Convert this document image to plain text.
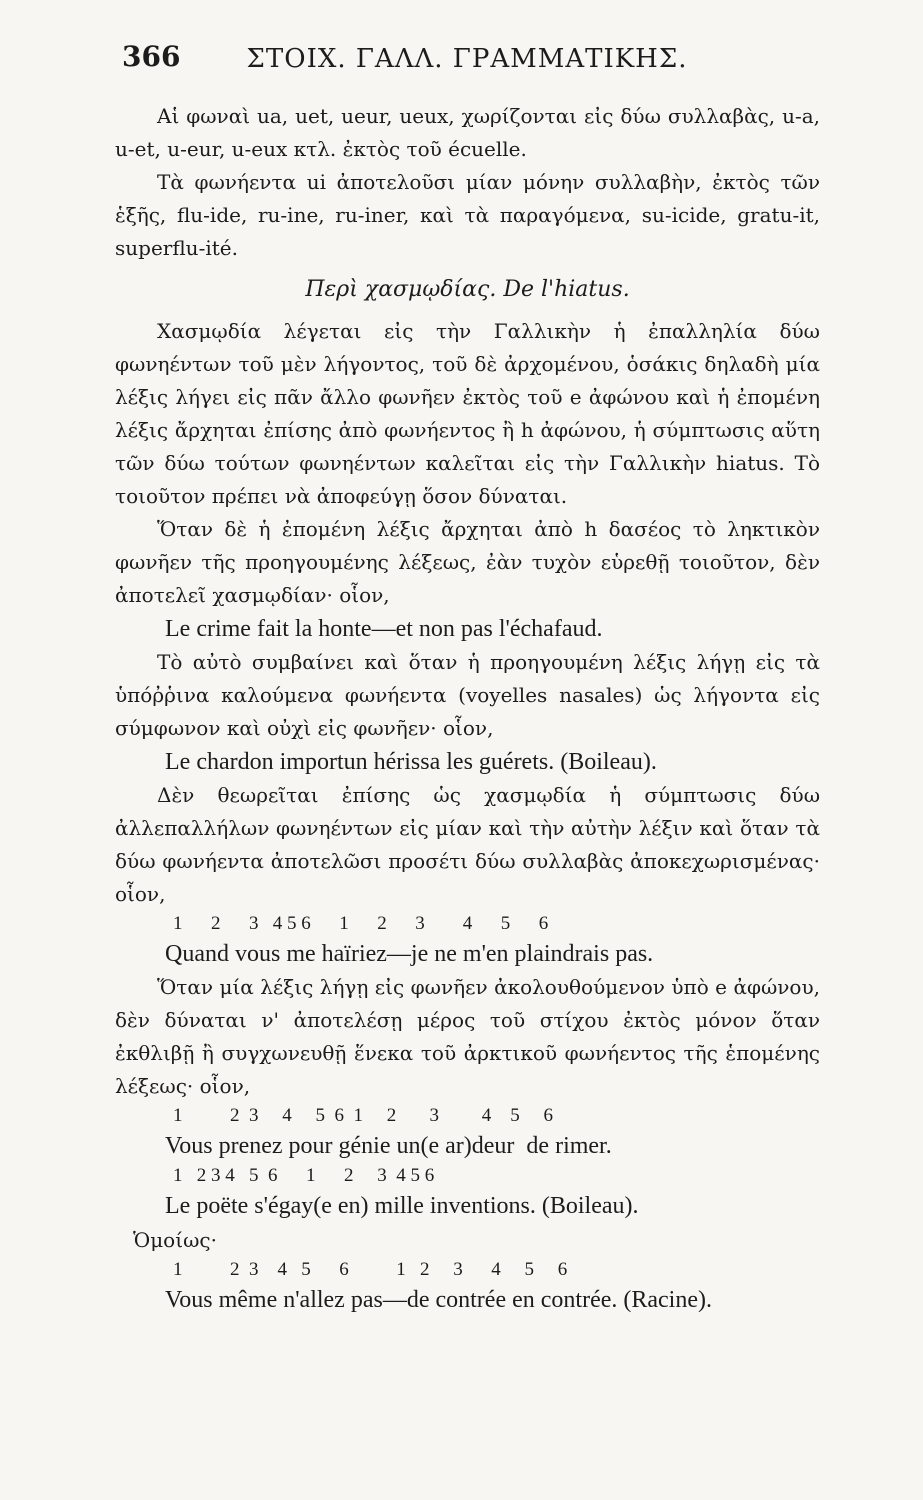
366	ΣΤΟΙΧ. ΓΑΛΛ. ΓΡΑΜΜΑΤΙΚΗΣ.

Αἱ φωναὶ ua, uet, ueur, ueux, χωρίζονται εἰς δύω συλλαβὰς, u-a, u-et, u-eur, u-eux κτλ. ἐκτὸς τοῦ écuelle.

Τὰ φωνήεντα ui ἀποτελοῦσι μίαν μόνην συλλαβὴν, ἐκτὸς τῶν ἑξῆς, flu-ide, ru-ine, ru-iner, καὶ τὰ παραγόμενα, su-icide, gratu-it, superflu-ité.

Περὶ χασμῳδίας. De l'hiatus.

Χασμῳδία λέγεται εἰς τὴν Γαλλικὴν ἡ ἐπαλληλία δύω φωνηέντων τοῦ μὲν λήγοντος, τοῦ δὲ ἀρχομένου, ὁσάκις δηλαδὴ μία λέξις λήγει εἰς πᾶν ἄλλο φωνῆεν ἐκτὸς τοῦ e ἀφώνου καὶ ἡ ἐπομένη λέξις ἄρχηται ἐπίσης ἀπὸ φωνήεντος ἢ h ἀφώνου, ἡ σύμπτωσις αὕτη τῶν δύω τούτων φωνηέντων καλεῖται εἰς τὴν Γαλλικὴν hiatus. Τὸ τοιοῦτον πρέπει νὰ ἀποφεύγῃ ὅσον δύναται.

Ὅταν δὲ ἡ ἐπομένη λέξις ἄρχηται ἀπὸ h δασέος τὸ ληκτικὸν φωνῆεν τῆς προηγουμένης λέξεως, ἐὰν τυχὸν εὑρεθῇ τοιοῦτον, δὲν ἀποτελεῖ χασμῳδίαν· οἷον,

Le crime fait la honte—et non pas l'échafaud.

Τὸ αὐτὸ συμβαίνει καὶ ὅταν ἡ προηγουμένη λέξις λήγῃ εἰς τὰ ὑπόῤῥινα καλούμενα φωνήεντα (voyelles nasales) ὡς λήγοντα εἰς σύμφωνον καὶ οὐχὶ εἰς φωνῆεν· οἷον,

Le chardon importun hérissa les guérets. (Boileau).

Δὲν θεωρεῖται ἐπίσης ὡς χασμῳδία ἡ σύμπτωσις δύω ἀλλεπαλλήλων φωνηέντων εἰς μίαν καὶ τὴν αὐτὴν λέξιν καὶ ὅταν τὰ δύω φωνήεντα ἀποτελῶσι προσέτι δύω συλλαβὰς ἀποκεχωρισμένας· οἷον,

1      2      3   4 5 6      1      2      3        4      5      6

Quand vous me haïriez—je ne m'en plaindrais pas.

Ὅταν μία λέξις λήγῃ εἰς φωνῆεν ἀκολουθούμενον ὑπὸ e ἀφώνου, δὲν δύναται ν' ἀποτελέσῃ μέρος τοῦ στίχου ἐκτὸς μόνον ὅταν ἐκθλιβῇ ἢ συγχωνευθῇ ἕνεκα τοῦ ἀρκτικοῦ φωνήεντος τῆς ἑπομένης λέξεως· οἷον,

1          2  3     4     5  6  1     2       3         4    5     6

Vous prenez pour génie un(e ar)deur  de rimer.

1   2 3 4   5  6      1      2     3  4 5 6

Le poëte s'égay(e en) mille inventions. (Boileau).

Ὁμοίως·

1          2  3    4   5      6          1   2     3      4     5     6

Vous même n'allez pas—de contrée en contrée. (Racine).
